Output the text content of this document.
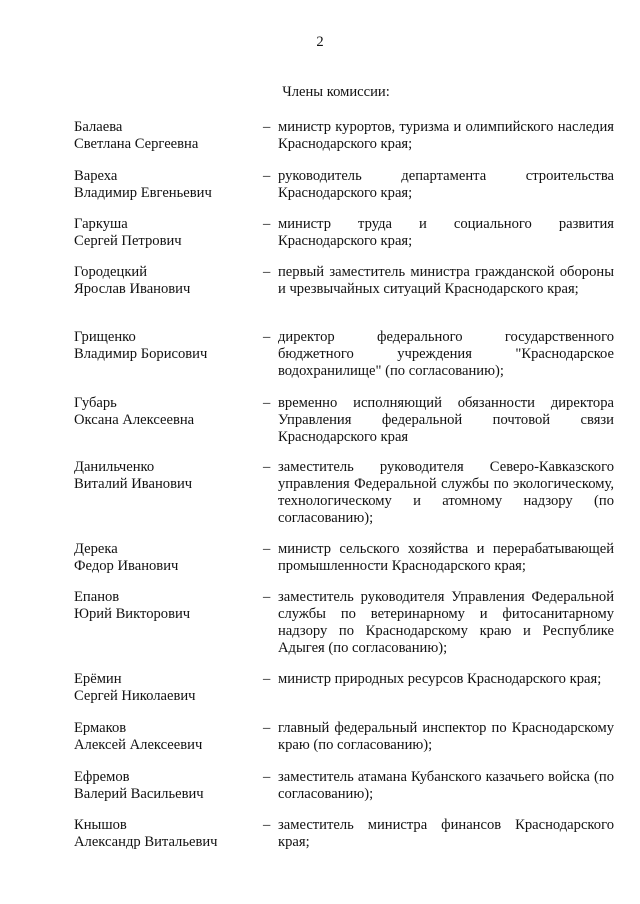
2
Члены комиссии:
Балаева
Светлана Сергеевна
– министр курортов, туризма и олимпийского наследия Краснодарского края;
Вареха
Владимир Евгеньевич
– руководитель департамента строительства Краснодарского края;
Гаркуша
Сергей Петрович
– министр труда и социального развития Краснодарского края;
Городецкий
Ярослав Иванович
– первый заместитель министра гражданской обороны и чрезвычайных ситуаций Краснодарского края;
Грищенко
Владимир Борисович
– директор федерального государственного бюджетного учреждения "Краснодарское водохранилище" (по согласованию);
Губарь
Оксана Алексеевна
– временно исполняющий обязанности директора Управления федеральной почтовой связи Краснодарского края
Данильченко
Виталий Иванович
– заместитель руководителя Северо-Кавказского управления Федеральной службы по экологическому, технологическому и атомному надзору (по согласованию);
Дерека
Федор Иванович
– министр сельского хозяйства и перерабатывающей промышленности Краснодарского края;
Епанов
Юрий Викторович
– заместитель руководителя Управления Федеральной службы по ветеринарному и фитосанитарному надзору по Краснодарскому краю и Республике Адыгея (по согласованию);
Ерёмин
Сергей Николаевич
– министр природных ресурсов Краснодарского края;
Ермаков
Алексей Алексеевич
– главный федеральный инспектор по Краснодарскому краю (по согласованию);
Ефремов
Валерий Васильевич
– заместитель атамана Кубанского казачьего войска (по согласованию);
Кнышов
Александр Витальевич
– заместитель министра финансов Краснодарского края;
